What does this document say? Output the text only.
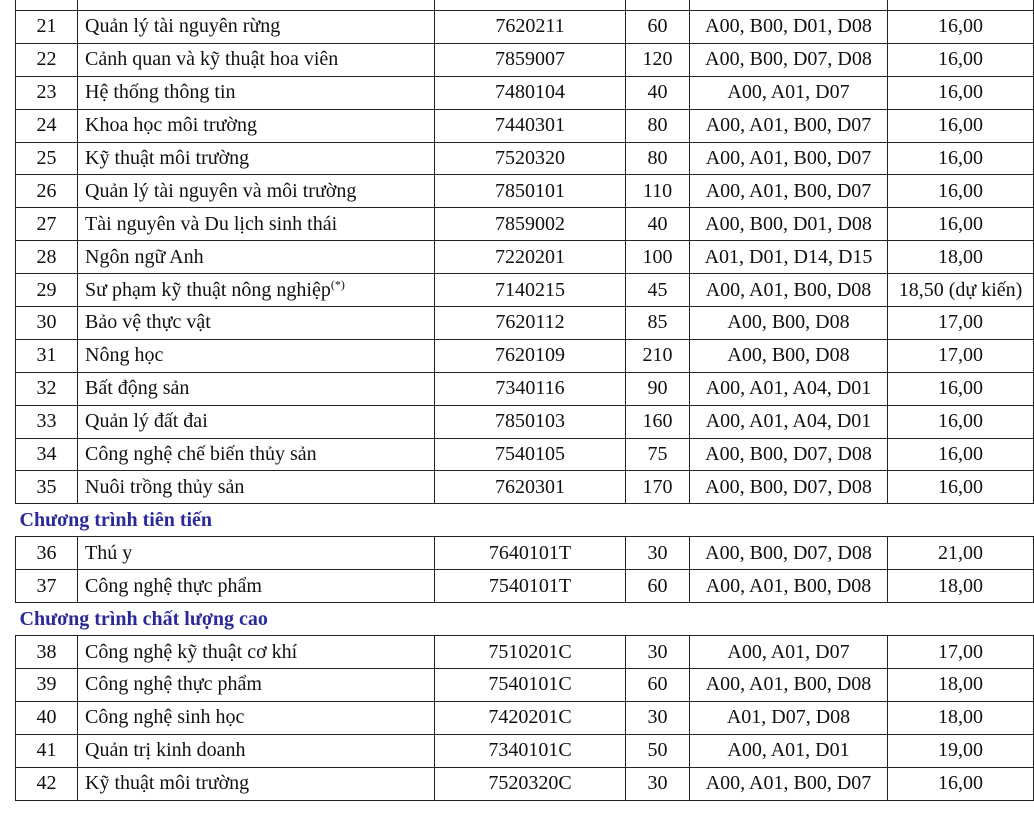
21	Quản lý tài nguyên rừng	7620211	60	A00, B00, D01, D08	16,00
22	Cảnh quan và kỹ thuật hoa viên	7859007	120	A00, B00, D07, D08	16,00
23	Hệ thống thông tin	7480104	40	A00, A01, D07	16,00
24	Khoa học môi trường	7440301	80	A00, A01, B00, D07	16,00
25	Kỹ thuật môi trường	7520320	80	A00, A01, B00, D07	16,00
26	Quản lý tài nguyên và môi trường	7850101	110	A00, A01, B00, D07	16,00
27	Tài nguyên và Du lịch sinh thái	7859002	40	A00, B00, D01, D08	16,00
28	Ngôn ngữ Anh	7220201	100	A01, D01, D14, D15	18,00
29	Sư phạm kỹ thuật nông nghiệp(*)	7140215	45	A00, A01, B00, D08	18,50 (dự kiến)
30	Bảo vệ thực vật	7620112	85	A00, B00, D08	17,00
31	Nông học	7620109	210	A00, B00, D08	17,00
32	Bất động sản	7340116	90	A00, A01, A04, D01	16,00
33	Quản lý đất đai	7850103	160	A00, A01, A04, D01	16,00
34	Công nghệ chế biến thủy sản	7540105	75	A00, B00, D07, D08	16,00
35	Nuôi trồng thủy sản	7620301	170	A00, B00, D07, D08	16,00
Chương trình tiên tiến					
36	Thú y	7640101T	30	A00, B00, D07, D08	21,00
37	Công nghệ thực phẩm	7540101T	60	A00, A01, B00, D08	18,00
Chương trình chất lượng cao					
38	Công nghệ kỹ thuật cơ khí	7510201C	30	A00, A01, D07	17,00
39	Công nghệ thực phẩm	7540101C	60	A00, A01, B00, D08	18,00
40	Công nghệ sinh học	7420201C	30	A01, D07, D08	18,00
41	Quản trị kinh doanh	7340101C	50	A00, A01, D01	19,00
42	Kỹ thuật môi trường	7520320C	30	A00, A01, B00, D07	16,00
